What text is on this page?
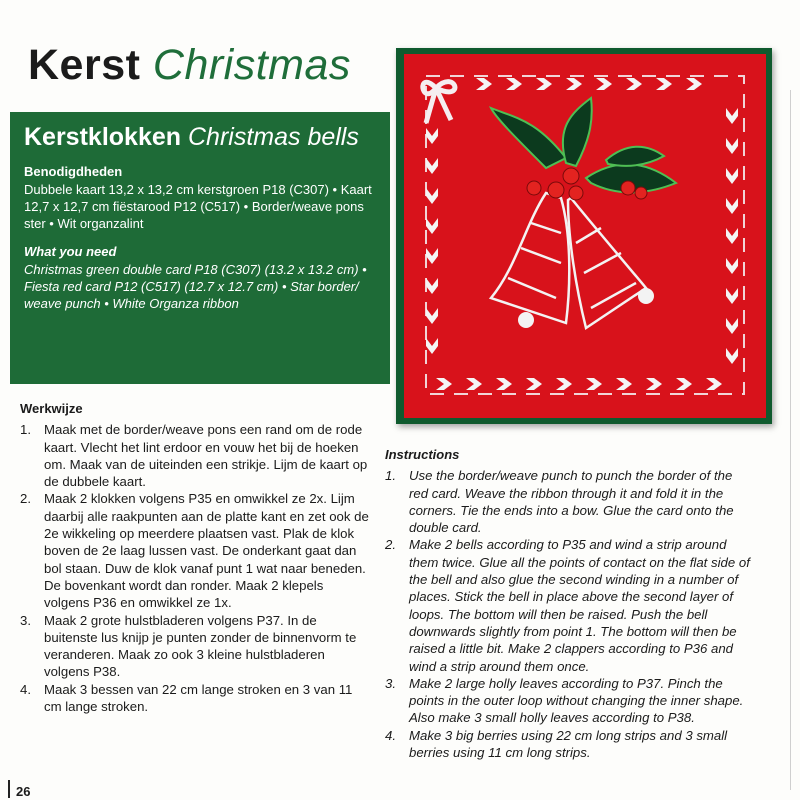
Kerst Christmas
Kerstklokken Christmas bells
Benodigdheden
Dubbele kaart 13,2 x 13,2 cm kerstgroen P18 (C307) • Kaart 12,7 x 12,7 cm fiëstarood P12 (C517) • Border/weave pons ster • Wit organzalint
What you need
Christmas green double card P18 (C307) (13.2 x 13.2 cm) • Fiesta red card P12 (C517) (12.7 x 12.7 cm) • Star border/ weave punch • White Organza ribbon
Werkwijze
1. Maak met de border/weave pons een rand om de rode kaart. Vlecht het lint erdoor en vouw het bij de hoeken om. Maak van de uiteinden een strikje. Lijm de kaart op de dubbele kaart.
2. Maak 2 klokken volgens P35 en omwikkel ze 2x. Lijm daarbij alle raakpunten aan de platte kant en zet ook de 2e wikkeling op meerdere plaatsen vast. Plak de klok boven de 2e laag lussen vast. De onderkant gaat dan bol staan. Duw de klok vanaf punt 1 wat naar beneden. De bovenkant wordt dan ronder. Maak 2 klepels volgens P36 en omwikkel ze 1x.
3. Maak 2 grote hulstbladeren volgens P37. In de buitenste lus knijp je punten zonder de binnenvorm te veranderen. Maak zo ook 3 kleine hulstbladeren volgens P38.
4. Maak 3 bessen van 22 cm lange stroken en 3 van 11 cm lange stroken.
Instructions
1. Use the border/weave punch to punch the border of the red card. Weave the ribbon through it and fold it in the corners. Tie the ends into a bow. Glue the card onto the double card.
2. Make 2 bells according to P35 and wind a strip around them twice. Glue all the points of contact on the flat side of the bell and also glue the second winding in a number of places. Stick the bell in place above the second layer of loops. The bottom will then be raised. Push the bell downwards slightly from point 1. The bottom will then be raised a little bit. Make 2 clappers according to P36 and wind a strip around them once.
3. Make 2 large holly leaves according to P37. Pinch the points in the outer loop without changing the inner shape. Also make 3 small holly leaves according to P38.
4. Make 3 big berries using 22 cm long strips and 3 small berries using 11 cm long strips.
26
